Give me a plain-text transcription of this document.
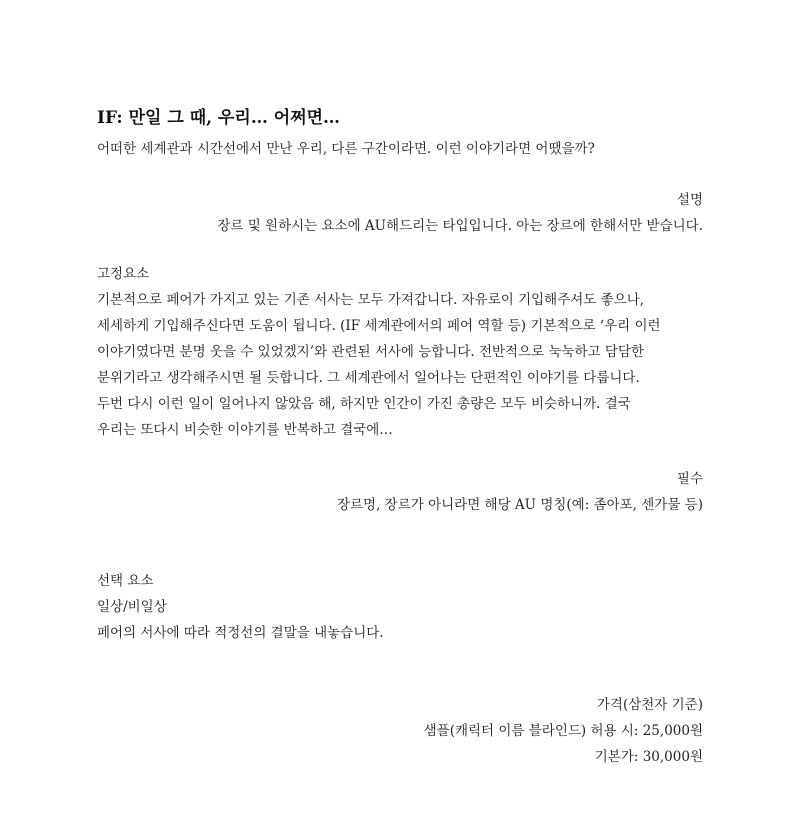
IF: 만일 그 때, 우리… 어쩌면…
어떠한 세계관과 시간선에서 만난 우리, 다른 구간이라면. 이런 이야기라면 어땠을까?
설명
장르 및 원하시는 요소에 AU해드리는 타입입니다. 아는 장르에 한해서만 받습니다.
고정요소
기본적으로 페어가 가지고 있는 기존 서사는 모두 가져갑니다. 자유로이 기입해주셔도 좋으나,
세세하게 기입해주신다면 도움이 됩니다. (IF 세계관에서의 페어 역할 등) 기본적으로 ‘우리 이런
이야기였다면 분명 웃을 수 있었겠지’와 관련된 서사에 능합니다. 전반적으로 눅눅하고 담담한
분위기라고 생각해주시면 될 듯합니다. 그 세계관에서 일어나는 단편적인 이야기를 다룹니다.
두번 다시 이런 일이 일어나지 않았음 해, 하지만 인간이 가진 총량은 모두 비슷하니까. 결국
우리는 또다시 비슷한 이야기를 반복하고 결국에…
필수
장르명, 장르가 아니라면 해당 AU 명칭(예: 좀아포, 센가물 등)
선택 요소
일상/비일상
페어의 서사에 따라 적정선의 결말을 내놓습니다.
가격(삼천자 기준)
샘플(캐릭터 이름 블라인드) 허용 시: 25,000원
기본가: 30,000원
